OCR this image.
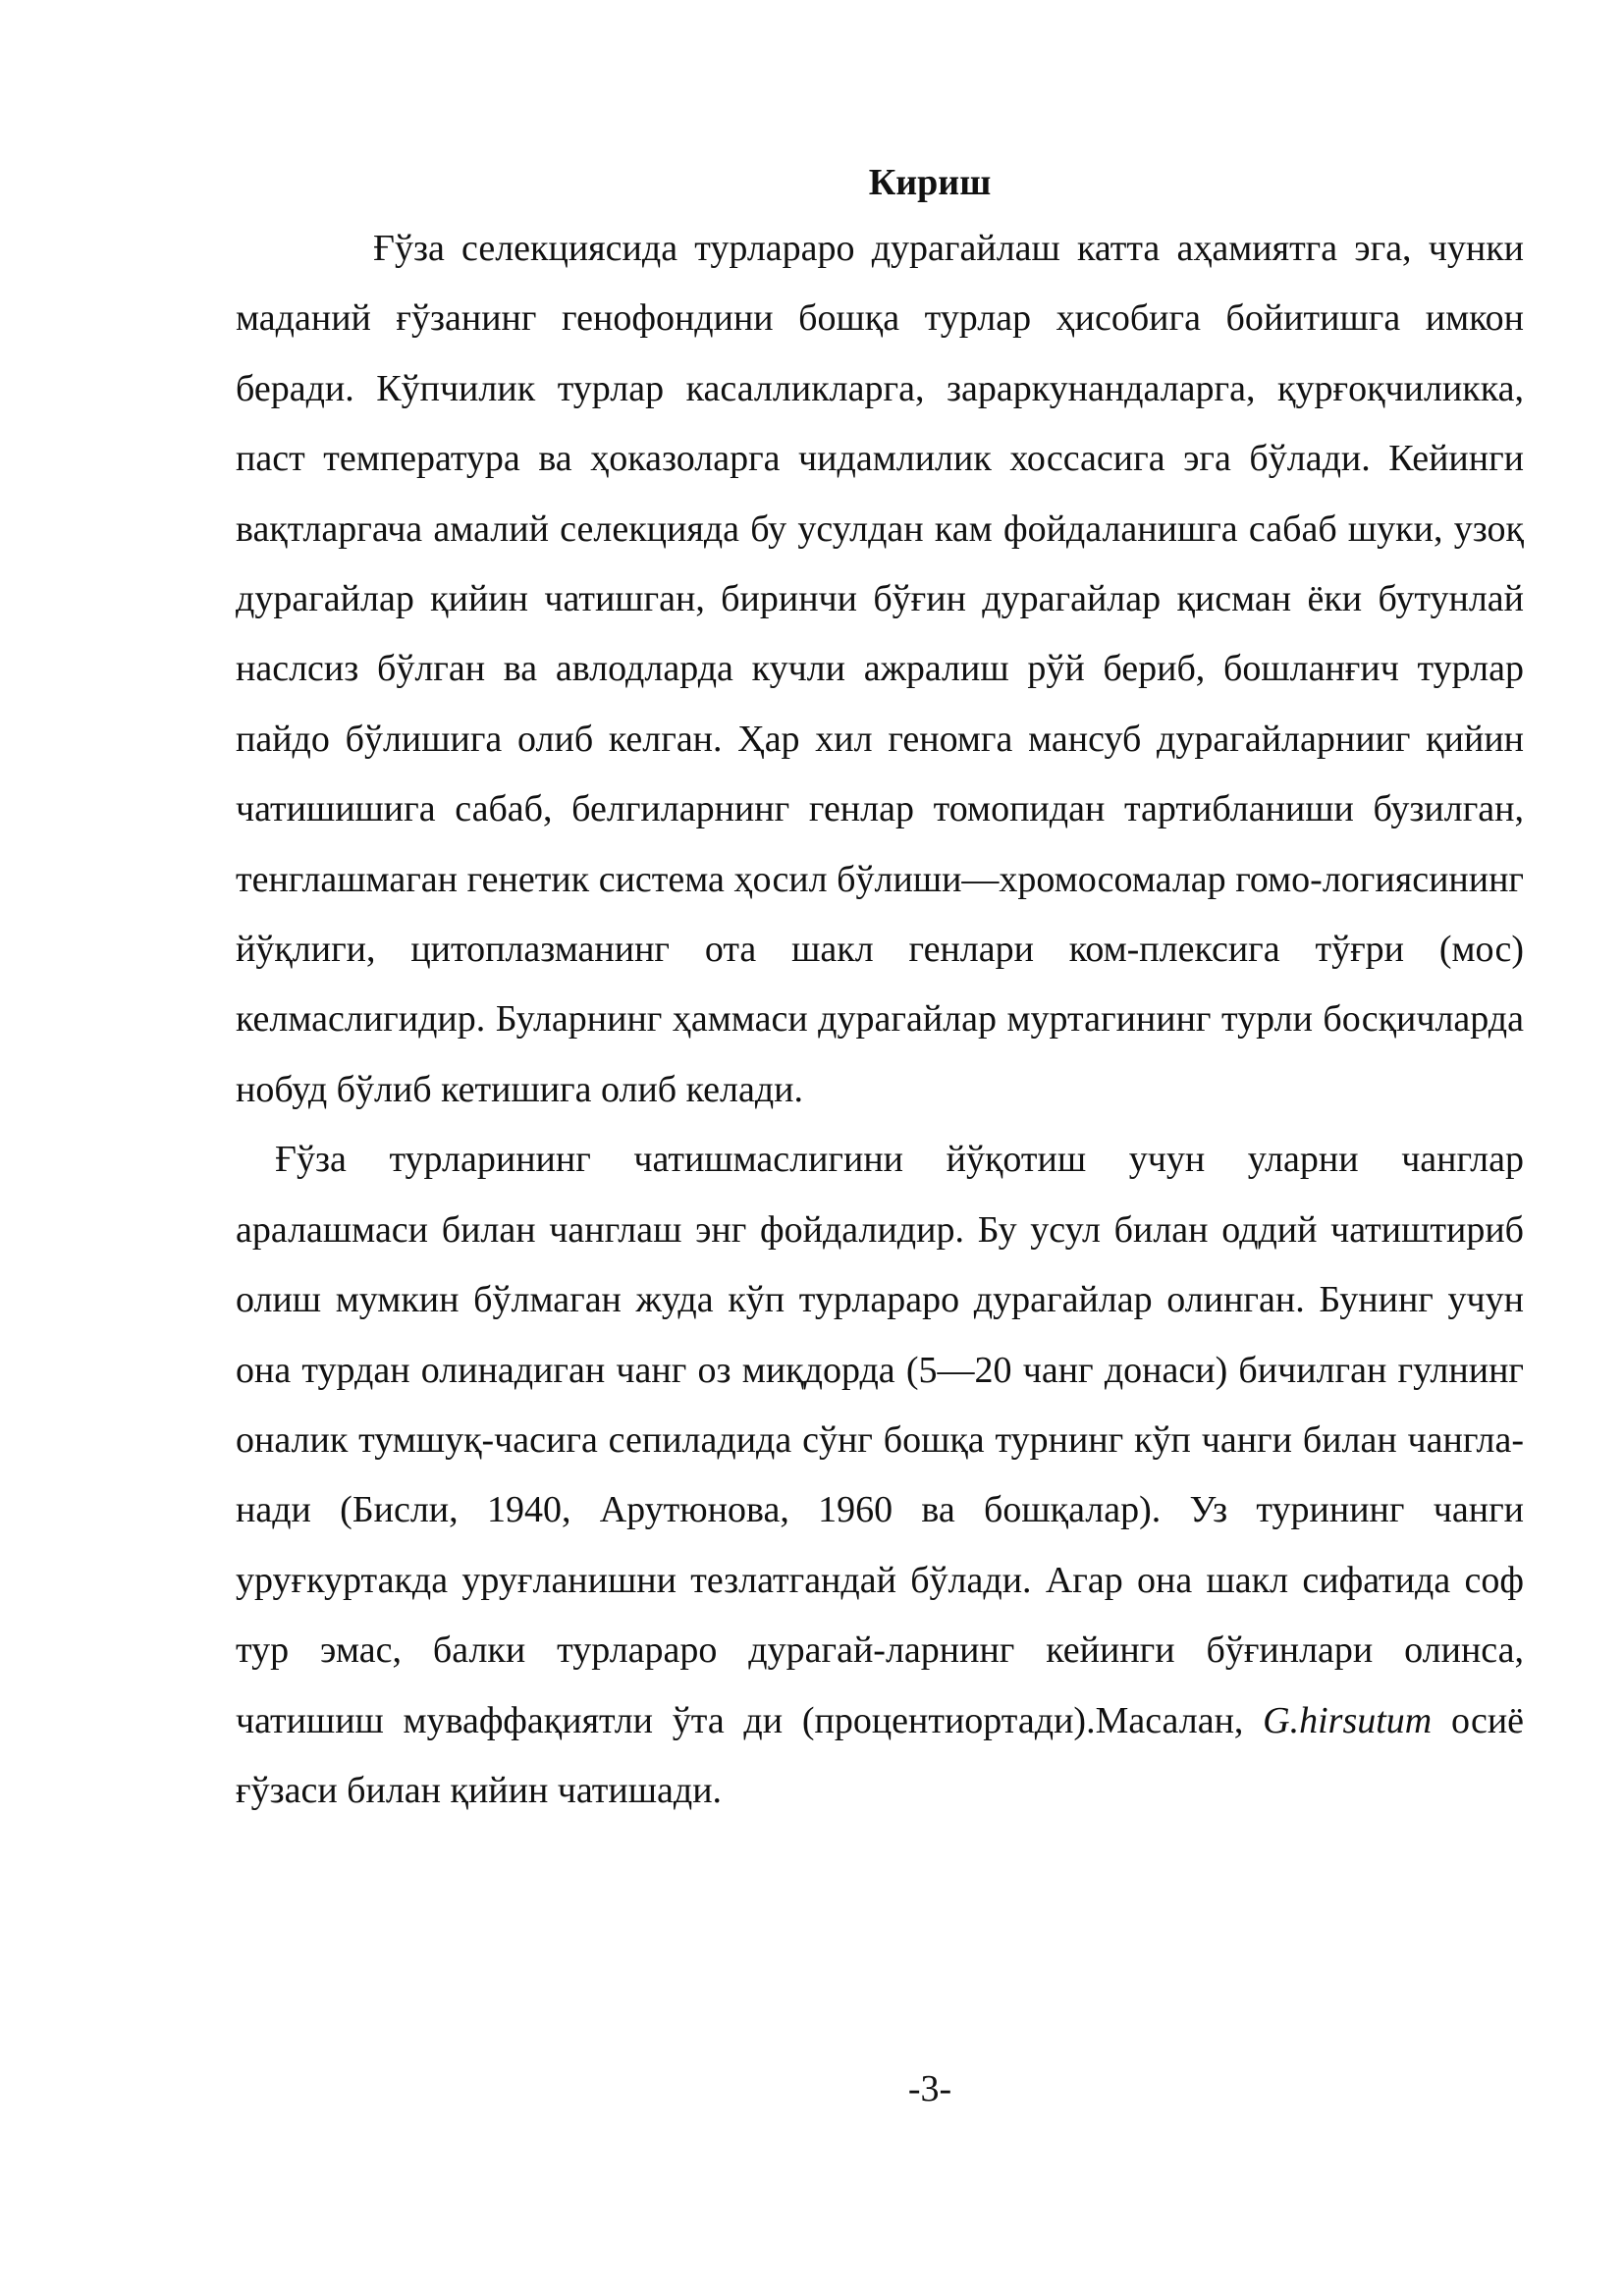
Кириш

Ғўза селекциясида турлараро дурагайлаш катта аҳамиятга эга, чунки маданий ғўзанинг генофондини бошқа турлар ҳисобига бойитишга имкон беради. Кўпчилик турлар касалликларга, зараркунандаларга, қурғоқчиликка, паст температура ва ҳоказоларга чидамлилик хоссасига эга бўлади. Кейинги вақтларгача амалий селекцияда бу усулдан кам фойдаланишга сабаб шуки, узоқ дурагайлар қийин чатишган, биринчи бўғин дурагайлар қисман ёки бутунлай наслсиз бўлган ва авлодларда кучли ажралиш рўй бериб, бошланғич турлар пайдо бўлишига олиб келган. Ҳар хил геномга мансуб дурагайларнииг қийин чатишишига сабаб, белгиларнинг генлар томопидан тартибланиши бузилган, тенглашмаган генетик система ҳосил бўлиши—хромосомалар гомо-логиясининг йўқлиги, цитоплазманинг ота шакл генлари ком-плексига тўғри (мос) келмаслигидир. Буларнинг ҳаммаси дурагайлар муртагининг турли босқичларда нобуд бўлиб кетишига олиб келади.

Ғўза турларининг чатишмаслигини йўқотиш учун уларни чанглар аралашмаси билан чанглаш энг фойдалидир. Бу усул билан оддий чатиштириб олиш мумкин бўлмаган жуда кўп турлараро дурагайлар олинган. Бунинг учун она турдан олинадиган чанг оз миқдорда (5—20 чанг донаси) бичилган гулнинг оналик тумшуқ-часига сепиладида сўнг бошқа турнинг кўп чанги билан чангла-нади (Бисли, 1940, Арутюнова, 1960 ва бошқалар). Уз турининг чанги уруғкуртакда уруғланишни тезлатгандай бўлади. Агар она шакл сифатида соф тур эмас, балки турлараро дурагай-ларнинг кейинги бўғинлари олинса, чатишиш муваффақиятли ўта ди (процентиортади).Масалан, G.hirsutum осиё ғўзаси билан қийин чатишади.

-3-
